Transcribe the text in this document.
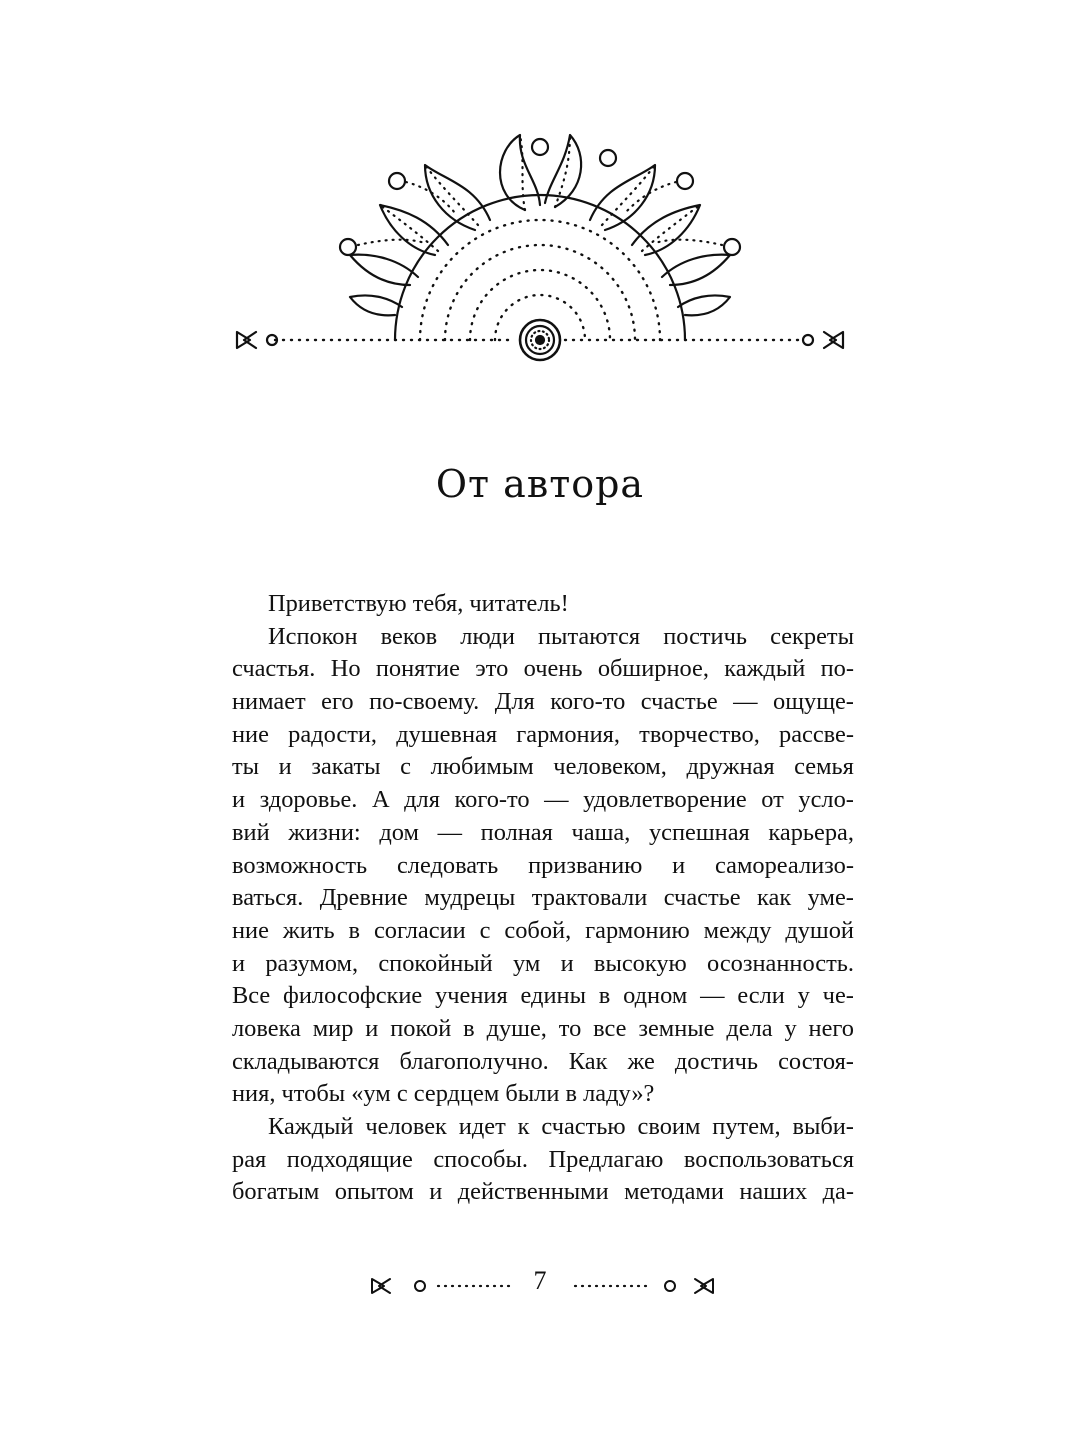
От автора
Приветствую тебя, читатель!
Испокон веков люди пытаются постичь секреты
счастья. Но понятие это очень обширное, каждый по-
нимает его по-своему. Для кого-то счастье — ощуще-
ние радости, душевная гармония, творчество, рассве-
ты и закаты с любимым человеком, дружная семья
и здоровье. А для кого-то — удовлетворение от усло-
вий жизни: дом — полная чаша, успешная карьера,
возможность следовать призванию и самореализо-
ваться. Древние мудрецы трактовали счастье как уме-
ние жить в согласии с собой, гармонию между душой
и разумом, спокойный ум и высокую осознанность.
Все философские учения едины в одном — если у че-
ловека мир и покой в душе, то все земные дела у него
складываются благополучно. Как же достичь состоя-
ния, чтобы «ум с сердцем были в ладу»?
Каждый человек идет к счастью своим путем, выби-
рая подходящие способы. Предлагаю воспользоваться
богатым опытом и действенными методами наших да-
7
